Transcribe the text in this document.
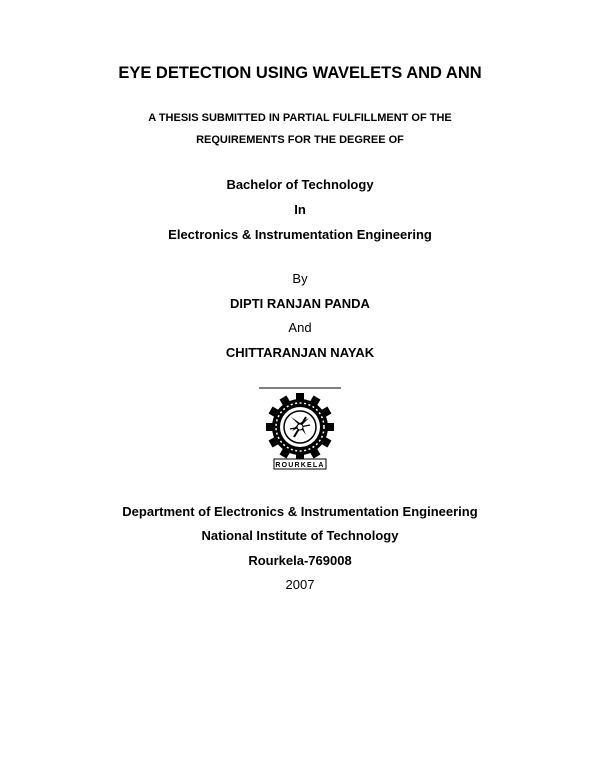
EYE DETECTION USING WAVELETS AND ANN
A THESIS SUBMITTED IN PARTIAL FULFILLMENT OF THE
REQUIREMENTS FOR THE DEGREE OF
Bachelor of Technology
In
Electronics & Instrumentation Engineering
By
DIPTI RANJAN PANDA
And
CHITTARANJAN NAYAK
ROURKELA
Department of Electronics & Instrumentation Engineering
National Institute of Technology
Rourkela-769008
2007
